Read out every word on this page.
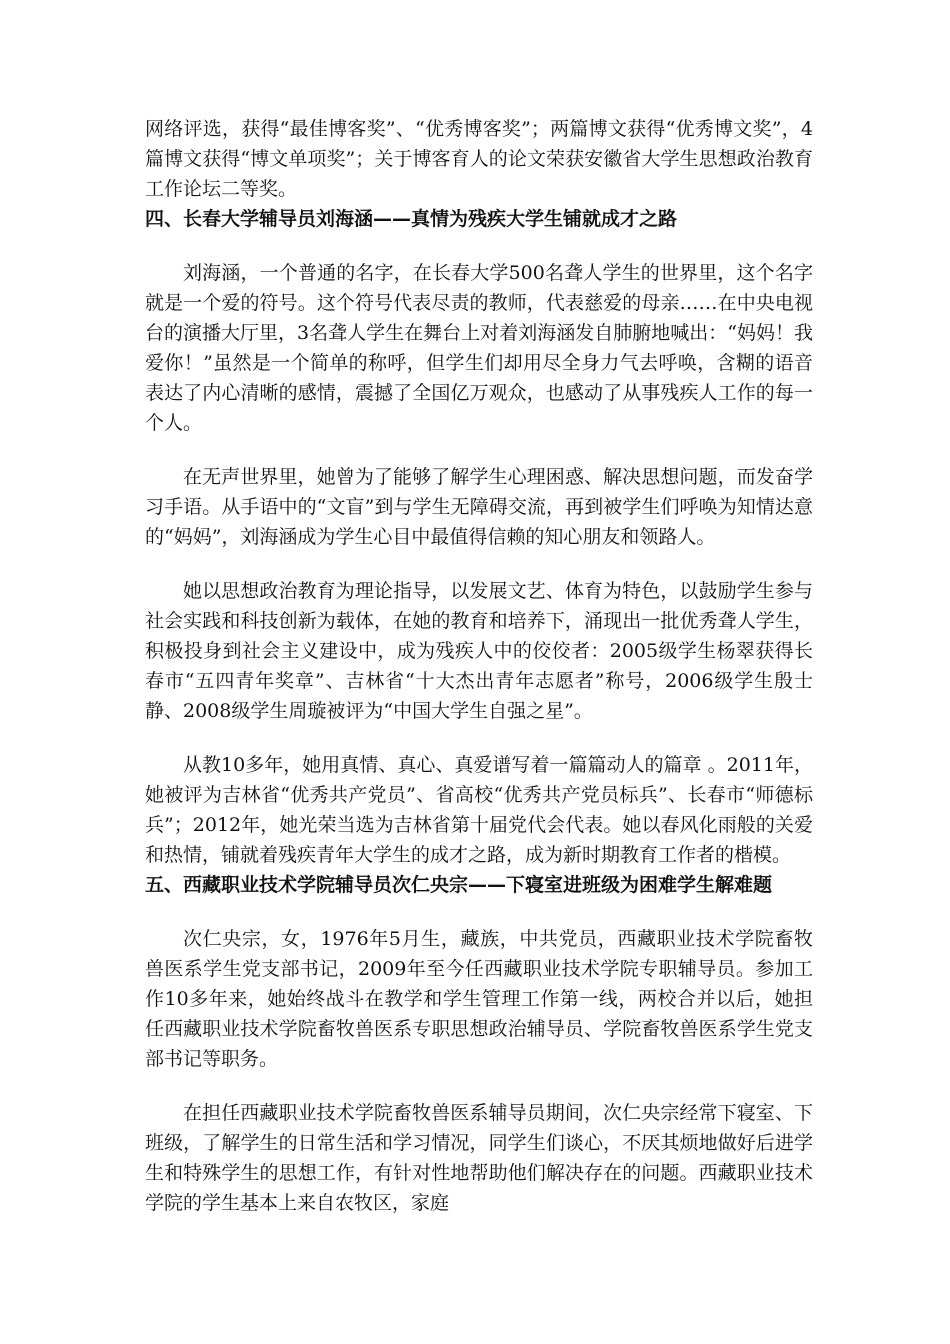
网络评选，获得“最佳博客奖”、“优秀博客奖”；两篇博文获得“优秀博文奖”，4篇博文获得“博文单项奖”；关于博客育人的论文荣获安徽省大学生思想政治教育工作论坛二等奖。

四、长春大学辅导员刘海涵——真情为残疾大学生铺就成才之路

刘海涵，一个普通的名字，在长春大学500名聋人学生的世界里，这个名字就是一个爱的符号。这个符号代表尽责的教师，代表慈爱的母亲……在中央电视台的演播大厅里，3名聋人学生在舞台上对着刘海涵发自肺腑地喊出：“妈妈！我爱你！”虽然是一个简单的称呼，但学生们却用尽全身力气去呼唤，含糊的语音表达了内心清晰的感情，震撼了全国亿万观众，也感动了从事残疾人工作的每一个人。

在无声世界里，她曾为了能够了解学生心理困惑、解决思想问题，而发奋学习手语。从手语中的“文盲”到与学生无障碍交流，再到被学生们呼唤为知情达意的“妈妈”，刘海涵成为学生心目中最值得信赖的知心朋友和领路人。

她以思想政治教育为理论指导，以发展文艺、体育为特色，以鼓励学生参与社会实践和科技创新为载体，在她的教育和培养下，涌现出一批优秀聋人学生，积极投身到社会主义建设中，成为残疾人中的佼佼者：2005级学生杨翠获得长春市“五四青年奖章”、吉林省“十大杰出青年志愿者”称号，2006级学生殷士静、2008级学生周璇被评为“中国大学生自强之星”。

从教10多年，她用真情、真心、真爱谱写着一篇篇动人的篇章 。2011年，她被评为吉林省“优秀共产党员”、省高校“优秀共产党员标兵”、长春市“师德标兵”；2012年，她光荣当选为吉林省第十届党代会代表。她以春风化雨般的关爱和热情，铺就着残疾青年大学生的成才之路，成为新时期教育工作者的楷模。

五、西藏职业技术学院辅导员次仁央宗——下寝室进班级为困难学生解难题

次仁央宗，女，1976年5月生，藏族，中共党员，西藏职业技术学院畜牧兽医系学生党支部书记，2009年至今任西藏职业技术学院专职辅导员。参加工作10多年来，她始终战斗在教学和学生管理工作第一线，两校合并以后，她担任西藏职业技术学院畜牧兽医系专职思想政治辅导员、学院畜牧兽医系学生党支部书记等职务。

在担任西藏职业技术学院畜牧兽医系辅导员期间，次仁央宗经常下寝室、下班级，了解学生的日常生活和学习情况，同学生们谈心，不厌其烦地做好后进学生和特殊学生的思想工作，有针对性地帮助他们解决存在的问题。西藏职业技术学院的学生基本上来自农牧区，家庭
